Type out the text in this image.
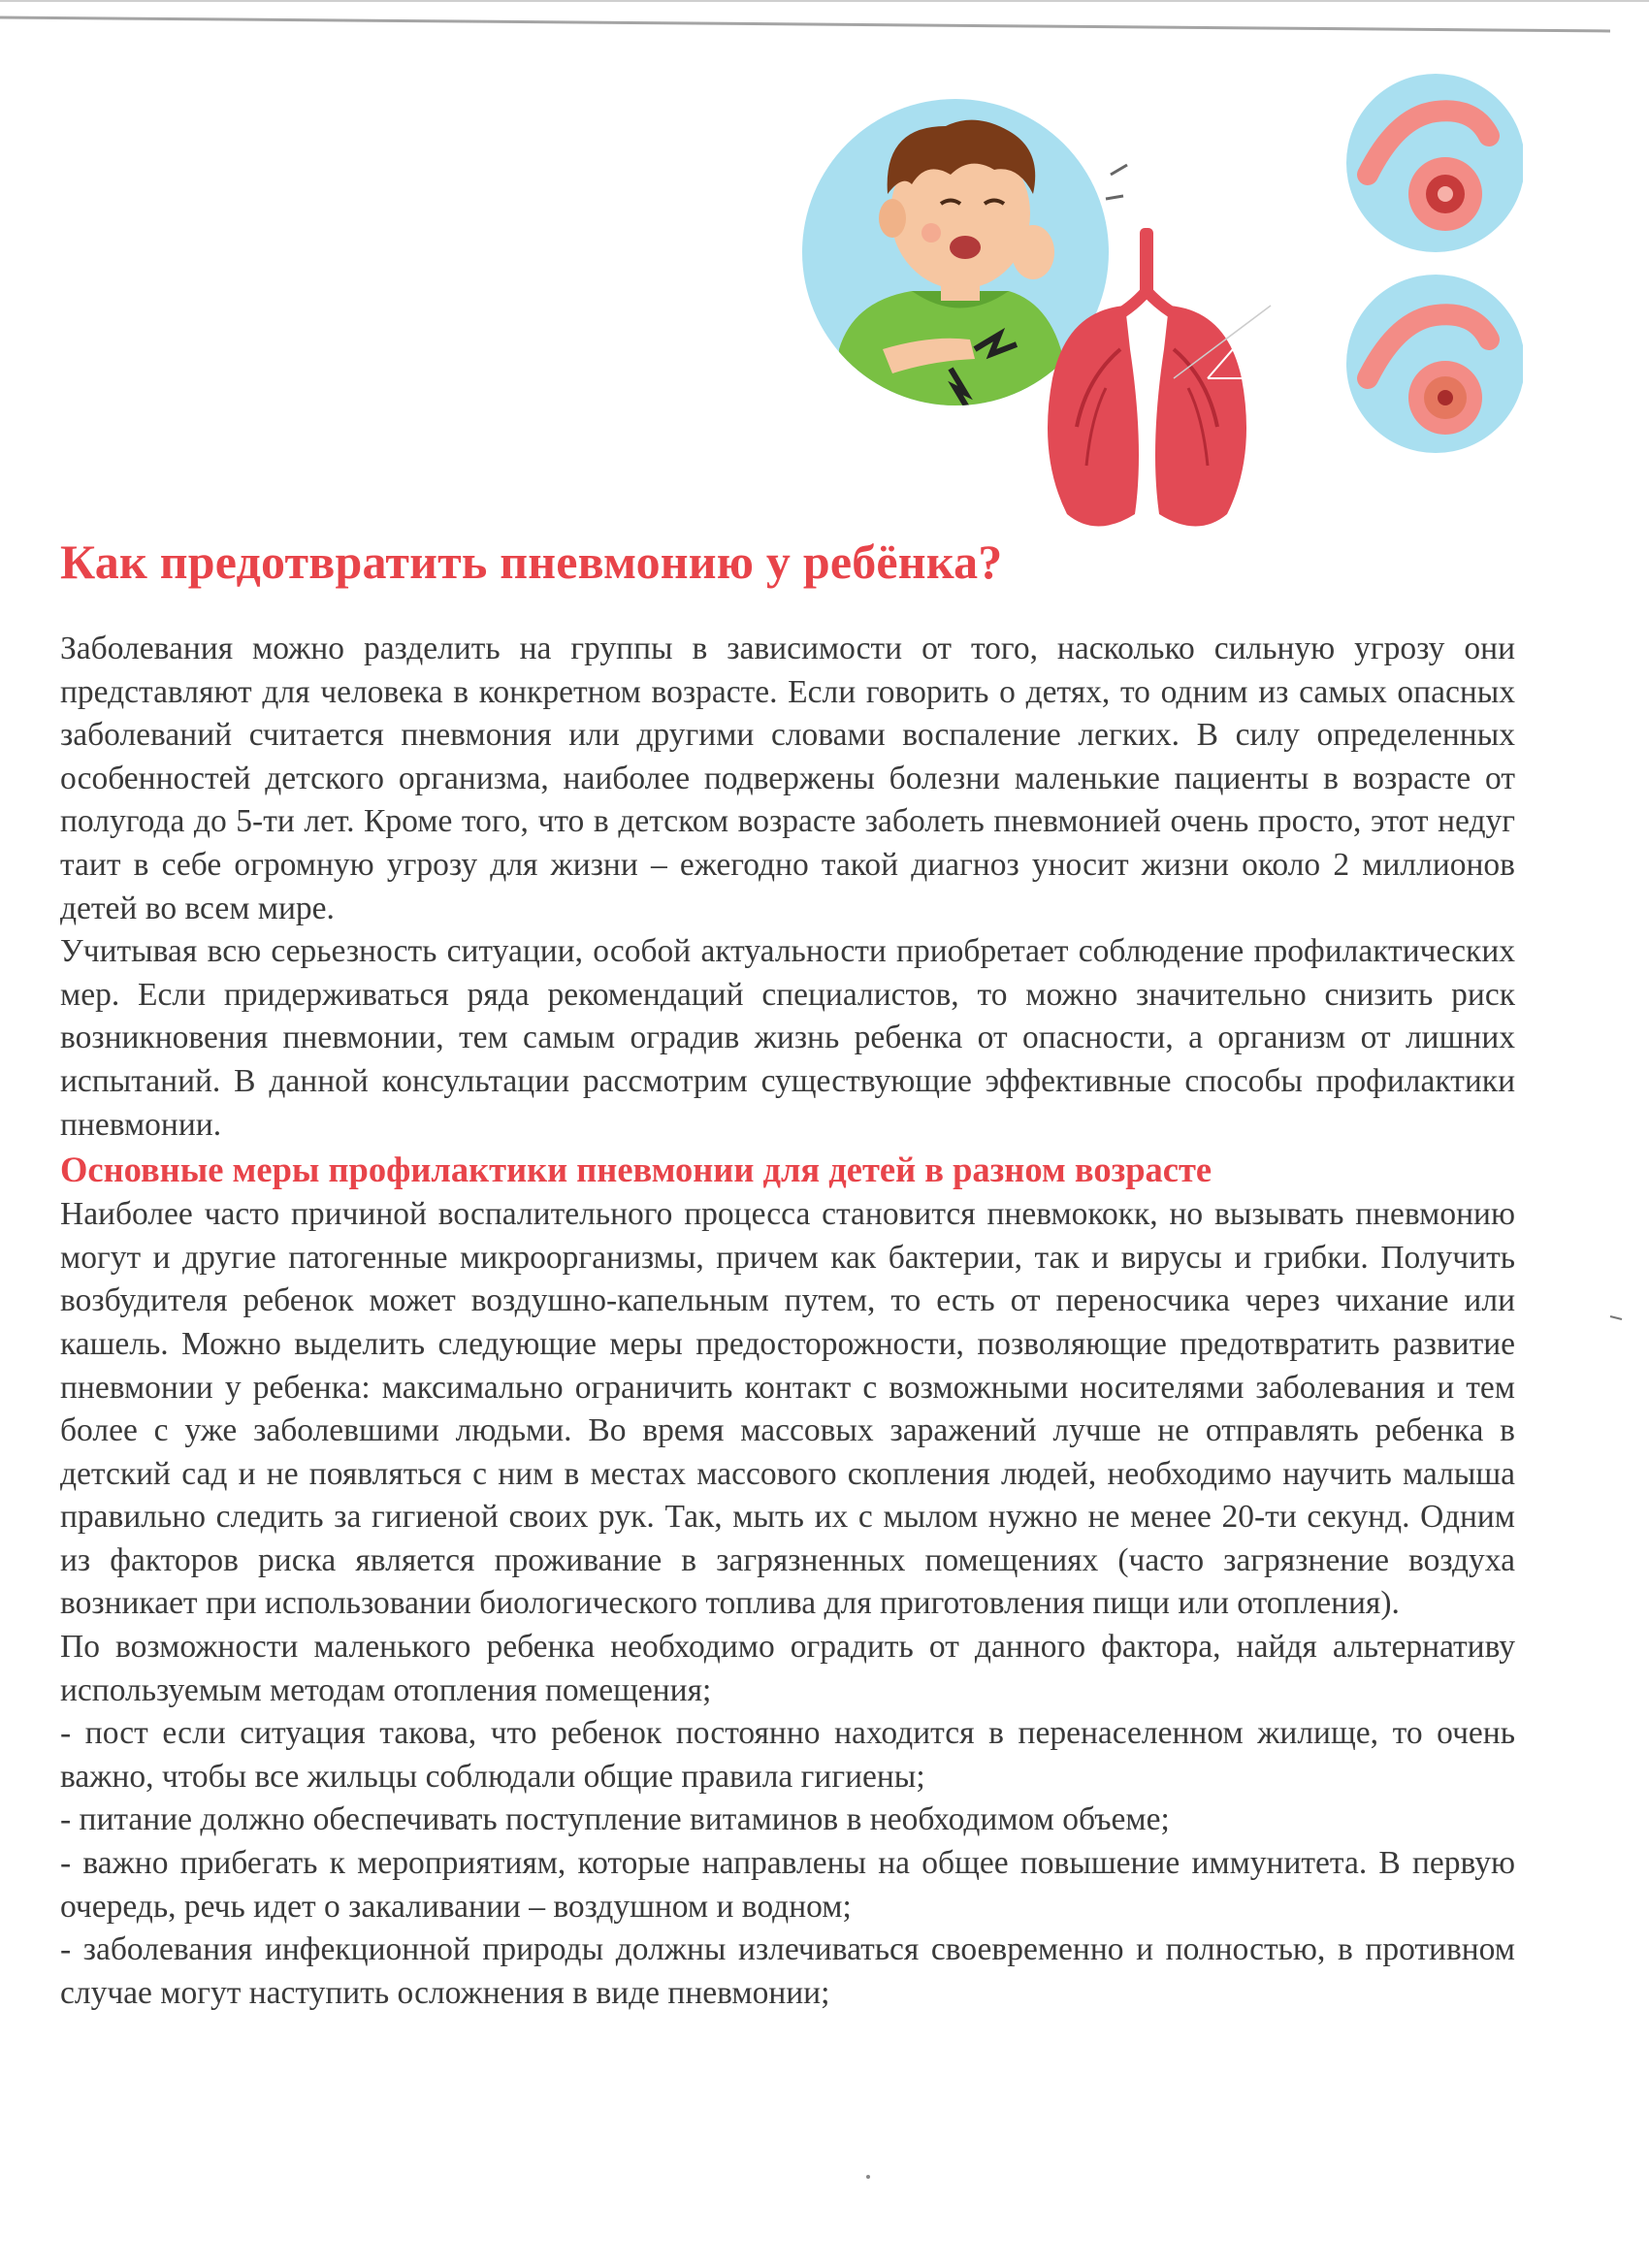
Как предотвратить пневмонию у ребёнка?

Заболевания можно разделить на группы в зависимости от того, насколько сильную угрозу они представляют для человека в конкретном возрасте. Если говорить о детях, то одним из самых опасных заболеваний считается пневмония или другими словами воспаление легких. В силу определенных особенностей детского организма, наиболее подвержены болезни маленькие пациенты в возрасте от полугода до 5-ти лет. Кроме того, что в детском возрасте заболеть пневмонией очень просто, этот недуг таит в себе огромную угрозу для жизни – ежегодно такой диагноз уносит жизни около 2 миллионов детей во всем мире.

Учитывая всю серьезность ситуации, особой актуальности приобретает соблюдение профилактических мер. Если придерживаться ряда рекомендаций специалистов, то можно значительно снизить риск возникновения пневмонии, тем самым оградив жизнь ребенка от опасности, а организм от лишних испытаний. В данной консультации рассмотрим существующие эффективные способы профилактики пневмонии.

Основные меры профилактики пневмонии для детей в разном возрасте

Наиболее часто причиной воспалительного процесса становится пневмококк, но вызывать пневмонию могут и другие патогенные микроорганизмы, причем как бактерии, так и вирусы и грибки. Получить возбудителя ребенок может воздушно-капельным путем, то есть от переносчика через чихание или кашель. Можно выделить следующие меры предосторожности, позволяющие предотвратить развитие пневмонии у ребенка: максимально ограничить контакт с возможными носителями заболевания и тем более с уже заболевшими людьми. Во время массовых заражений лучше не отправлять ребенка в детский сад и не появляться с ним в местах массового скопления людей, необходимо научить малыша правильно следить за гигиеной своих рук. Так, мыть их с мылом нужно не менее 20-ти секунд. Одним из факторов риска является проживание в загрязненных помещениях (часто загрязнение воздуха возникает при использовании биологического топлива для приготовления пищи или отопления).

По возможности маленького ребенка необходимо оградить от данного фактора, найдя альтернативу используемым методам отопления помещения;

- пост если ситуация такова, что ребенок постоянно находится в перенаселенном жилище, то очень важно, чтобы все жильцы соблюдали общие правила гигиены;

- питание должно обеспечивать поступление витаминов в необходимом объеме;

- важно прибегать к мероприятиям, которые направлены на общее повышение иммунитета. В первую очередь, речь идет о закаливании – воздушном и водном;

- заболевания инфекционной природы должны излечиваться своевременно и полностью, в противном случае могут наступить осложнения в виде пневмонии;
